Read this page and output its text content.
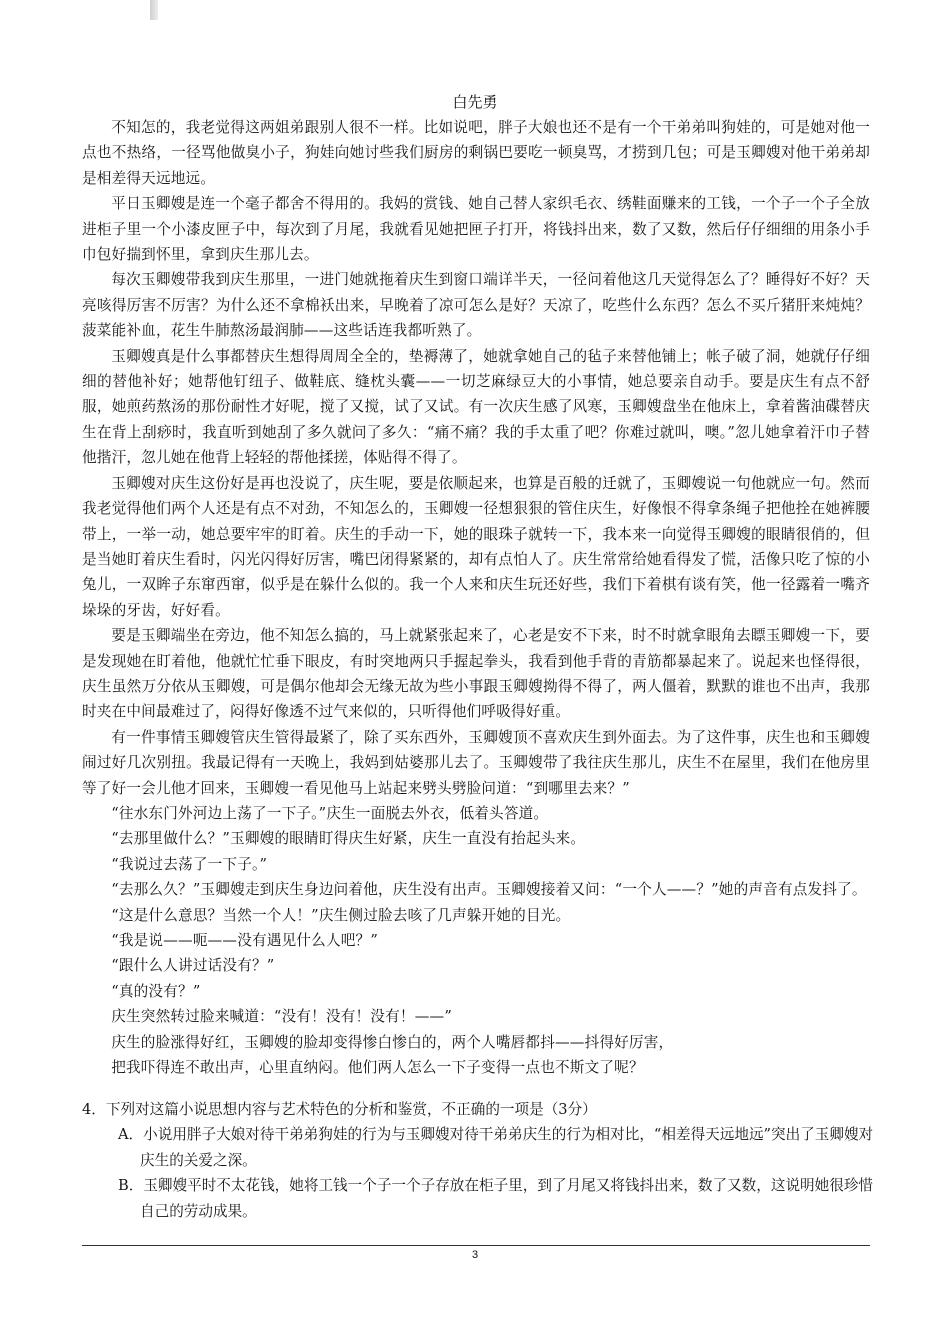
白先勇

不知怎的，我老觉得这两姐弟跟别人很不一样。比如说吧，胖子大娘也还不是有一个干弟弟叫狗娃的，可是她对他一点也不热络，一径骂他做臭小子，狗娃向她讨些我们厨房的剩锅巴要吃一顿臭骂，才捞到几包；可是玉卿嫂对他干弟弟却是相差得天远地远。

平日玉卿嫂是连一个毫子都舍不得用的。我妈的赏钱、她自己替人家织毛衣、绣鞋面赚来的工钱，一个子一个子全放进柜子里一个小漆皮匣子中，每次到了月尾，我就看见她把匣子打开，将钱抖出来，数了又数，然后仔仔细细的用条小手巾包好揣到怀里，拿到庆生那儿去。

每次玉卿嫂带我到庆生那里，一进门她就拖着庆生到窗口端详半天，一径问着他这几天觉得怎么了？睡得好不好？天亮咳得厉害不厉害？为什么还不拿棉袄出来，早晚着了凉可怎么是好？天凉了，吃些什么东西？怎么不买斤猪肝来炖炖？菠菜能补血，花生牛肺熬汤最润肺——这些话连我都听熟了。

玉卿嫂真是什么事都替庆生想得周周全全的，垫褥薄了，她就拿她自己的毡子来替他铺上；帐子破了洞，她就仔仔细细的替他补好；她帮他钉纽子、做鞋底、缝枕头囊——一切芝麻绿豆大的小事情，她总要亲自动手。要是庆生有点不舒服，她煎药熬汤的那份耐性才好呢，搅了又搅，试了又试。有一次庆生感了风寒，玉卿嫂盘坐在他床上，拿着酱油碟替庆生在背上刮痧时，我直听到她刮了多久就问了多久：“痛不痛？我的手太重了吧？你难过就叫，噢。”忽儿她拿着汗巾子替他揩汗，忽儿她在他背上轻轻的帮他揉搓，体贴得不得了。

玉卿嫂对庆生这份好是再也没说了，庆生呢，要是依顺起来，也算是百般的迁就了，玉卿嫂说一句他就应一句。然而我老觉得他们两个人还是有点不对劲，不知怎么的，玉卿嫂一径想狠狠的管住庆生，好像恨不得拿条绳子把他拴在她裤腰带上，一举一动，她总要牢牢的盯着。庆生的手动一下，她的眼珠子就转一下，我本来一向觉得玉卿嫂的眼睛很俏的，但是当她盯着庆生看时，闪光闪得好厉害，嘴巴闭得紧紧的，却有点怕人了。庆生常常给她看得发了慌，活像只吃了惊的小兔儿，一双眸子东窜西窜，似乎是在躲什么似的。我一个人来和庆生玩还好些，我们下着棋有谈有笑，他一径露着一嘴齐垛垛的牙齿，好好看。

要是玉卿端坐在旁边，他不知怎么搞的，马上就紧张起来了，心老是安不下来，时不时就拿眼角去瞟玉卿嫂一下，要是发现她在盯着他，他就忙忙垂下眼皮，有时突地两只手握起拳头，我看到他手背的青筋都暴起来了。说起来也怪得很，庆生虽然万分依从玉卿嫂，可是偶尔他却会无缘无故为些小事跟玉卿嫂拗得不得了，两人僵着，默默的谁也不出声，我那时夹在中间最难过了，闷得好像透不过气来似的，只听得他们呼吸得好重。

有一件事情玉卿嫂管庆生管得最紧了，除了买东西外，玉卿嫂顶不喜欢庆生到外面去。为了这件事，庆生也和玉卿嫂闹过好几次别扭。我最记得有一天晚上，我妈到姑婆那儿去了。玉卿嫂带了我往庆生那儿，庆生不在屋里，我们在他房里等了好一会儿他才回来，玉卿嫂一看见他马上站起来劈头劈脸问道：“到哪里去来？”

“往水东门外河边上荡了一下子。”庆生一面脱去外衣，低着头答道。

“去那里做什么？”玉卿嫂的眼睛盯得庆生好紧，庆生一直没有抬起头来。

“我说过去荡了一下子。”

“去那么久？”玉卿嫂走到庆生身边问着他，庆生没有出声。玉卿嫂接着又问：“一个人——？”她的声音有点发抖了。

“这是什么意思？当然一个人！”庆生侧过脸去咳了几声躲开她的目光。

“我是说——呃——没有遇见什么人吧？”

“跟什么人讲过话没有？”

“真的没有？”

庆生突然转过脸来喊道：“没有！没有！没有！——”

庆生的脸涨得好红，玉卿嫂的脸却变得惨白惨白的，两个人嘴唇都抖——抖得好厉害，

把我吓得连不敢出声，心里直纳闷。他们两人怎么一下子变得一点也不斯文了呢？

4．下列对这篇小说思想内容与艺术特色的分析和鉴赏，不正确的一项是（3分）

A．小说用胖子大娘对待干弟弟狗娃的行为与玉卿嫂对待干弟弟庆生的行为相对比，“相差得天远地远”突出了玉卿嫂对庆生的关爱之深。

B．玉卿嫂平时不太花钱，她将工钱一个子一个子存放在柜子里，到了月尾又将钱抖出来，数了又数，这说明她很珍惜自己的劳动成果。

3
